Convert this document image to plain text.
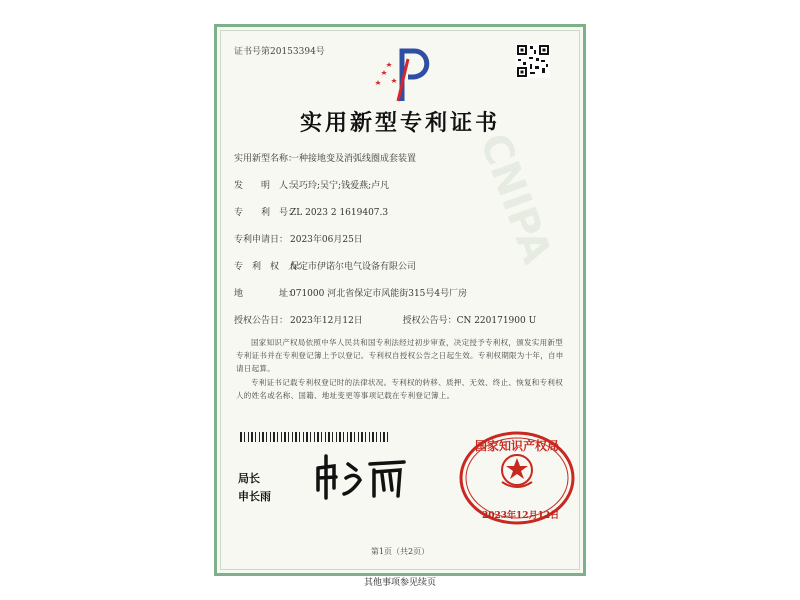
CNIPA
证书号第20153394号
实用新型专利证书
实用新型名称：一种接地变及消弧线圈成套装置
发　　明　人：吴巧玲;吴宁;钱爱燕;卢凡
专　　利　号：ZL 2023 2 1619407.3
专利申请日： 2023年06月25日
专　利　权　人：保定市伊诺尔电气设备有限公司
地　　　　址：071000 河北省保定市风能街315号4号厂房
授权公告日： 2023年12月12日	授权公告号：CN 220171900 U
国家知识产权局依照中华人民共和国专利法经过初步审查，决定授予专利权，颁发实用新型专利证书并在专利登记簿上予以登记。专利权自授权公告之日起生效。专利权期限为十年，自申请日起算。
专利证书记载专利权登记时的法律状况。专利权的转移、质押、无效、终止、恢复和专利权人的姓名或名称、国籍、地址变更等事项记载在专利登记簿上。
局长
申长雨
国家知识产权局
2023年12月12日
第1页（共2页）
其他事项参见续页
